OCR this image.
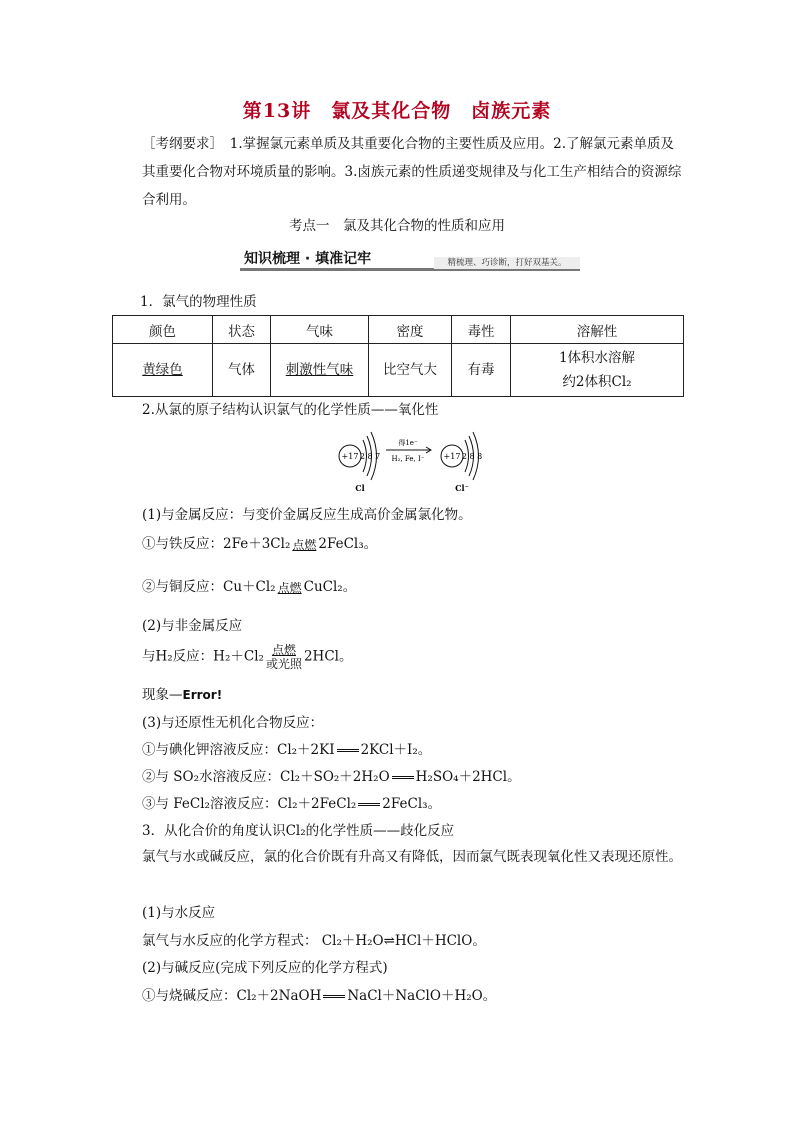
第13讲　氯及其化合物　卤族元素
［考纲要求］　1.掌握氯元素单质及其重要化合物的主要性质及应用。2.了解氯元素单质及其重要化合物对环境质量的影响。3.卤族元素的性质递变规律及与化工生产相结合的资源综合利用。
考点一　氯及其化合物的性质和应用
知识梳理 · 填准记牢	精梳理、巧诊断，打好双基关。
1．氯气的物理性质
颜色	状态	气味	密度	毒性	溶解性
黄绿色	气体	刺激性气味	比空气大	有毒	1体积水溶解
约2体积Cl₂
2.从氯的原子结构认识氯气的化学性质——氧化性
+17 2 8 7
Cl
得1e⁻
H₂, Fe, I⁻ +17 2 8 8
Cl⁻
(1)与金属反应：与变价金属反应生成高价金属氯化物。
①与铁反应：2Fe＋3Cl₂ 点燃 2FeCl₃。
②与铜反应：Cu＋Cl₂ 点燃 CuCl₂。
(2)与非金属反应
与H₂反应：$H_2+Cl_2 \frac{\text{点燃}}{\text{或光照}} 2HCl$。
现象—Error!
(3)与还原性无机化合物反应：
①与碘化钾溶液反应：Cl₂＋2KI 2KCl＋I₂。
②与 SO₂水溶液反应：Cl₂＋SO₂＋2H₂O H₂SO₄＋2HCl。
③与 FeCl₂溶液反应：Cl₂＋2FeCl₂ 2FeCl₃。
3．从化合价的角度认识Cl₂的化学性质——歧化反应
氯气与水或碱反应，氯的化合价既有升高又有降低，因而氯气既表现氧化性又表现还原性。
(1)与水反应
氯气与水反应的化学方程式： Cl₂＋H₂O⇌HCl＋HClO。
(2)与碱反应(完成下列反应的化学方程式)
①与烧碱反应：Cl₂＋2NaOH NaCl＋NaClO＋H₂O。
